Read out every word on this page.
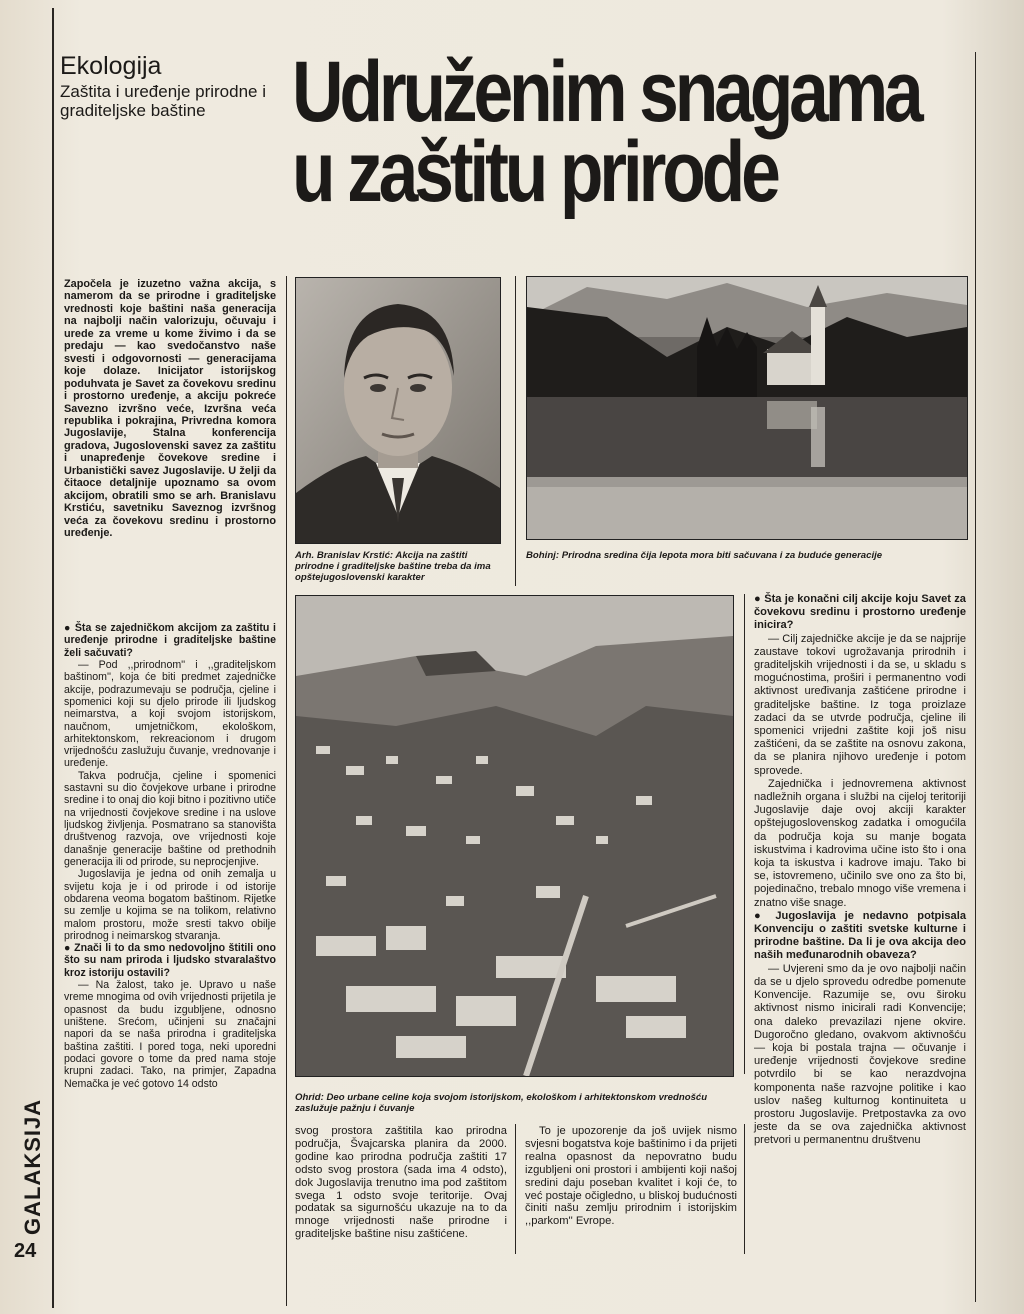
Ekologija
Zaštita i uređenje prirodne i graditeljske baštine	Udruženim snagama
u zaštitu prirode
Započela je izuzetno važna akcija, s namerom da se prirodne i graditeljske vrednosti koje baštini naša generacija na najbolji način valorizuju, očuvaju i urede za vreme u kome živimo i da se predaju — kao svedočanstvo naše svesti i odgovornosti — generacijama koje dolaze. Inicijator istorijskog poduhvata je Savet za čovekovu sredinu i prostorno uređenje, a akciju pokreće Savezno izvršno veće, Izvršna veća republika i pokrajina, Privredna komora Jugoslavije, Stalna konferencija gradova, Jugoslovenski savez za zaštitu i unapređenje čovekove sredine i Urbanistički savez Jugoslavije. U želji da čitaoce detaljnije upoznamo sa ovom akcijom, obratili smo se arh. Branislavu Krstiću, savetniku Saveznog izvršnog veća za čovekovu sredinu i prostorno uređenje.

● Šta se zajedničkom akcijom za zaštitu i uređenje prirodne i graditeljske baštine želi sačuvati?

— Pod ,,prirodnom'' i ,,graditeljskom baštinom'', koja će biti predmet zajedničke akcije, podrazumevaju se područja, cjeline i spomenici koji su djelo prirode ili ljudskog neimarstva, a koji svojom istorijskom, naučnom, umjetničkom, ekološkom, arhitektonskom, rekreacionom i drugom vrijednošću zaslužuju čuvanje, vrednovanje i uređenje.

Takva područja, cjeline i spomenici sastavni su dio čovjekove urbane i prirodne sredine i to onaj dio koji bitno i pozitivno utiče na vrijednosti čovjekove sredine i na uslove ljudskog življenja. Posmatrano sa stanovišta društvenog razvoja, ove vrijednosti koje današnje generacije baštine od prethodnih generacija ili od prirode, su neprocjenjive.

Jugoslavija je jedna od onih zemalja u svijetu koja je i od prirode i od istorije obdarena veoma bogatom baštinom. Rijetke su zemlje u kojima se na tolikom, relativno malom prostoru, može sresti takvo obilje prirodnog i neimarskog stvaranja.

● Znači li to da smo nedovoljno štitili ono što su nam priroda i ljudsko stvaralaštvo kroz istoriju ostavili?

— Na žalost, tako je. Upravo u naše vreme mnogima od ovih vrijednosti prijetila je opasnost da budu izgubljene, odnosno uništene. Srećom, učinjeni su značajni napori da se naša prirodna i graditeljska baština zaštiti. I pored toga, neki uporedni podaci govore o tome da pred nama stoje krupni zadaci. Tako, na primjer, Zapadna Nemačka je već gotovo 14 odsto

Arh. Branislav Krstić: Akcija na zaštiti prirodne i graditeljske baštine treba da ima opštejugoslovenski karakter
Bohinj: Prirodna sredina čija lepota mora biti sačuvana i za buduće generacije

● Šta je konačni cilj akcije koju Savet za čovekovu sredinu i prostorno uređenje inicira?

— Cilj zajedničke akcije je da se najprije zaustave tokovi ugrožavanja prirodnih i graditeljskih vrijednosti i da se, u skladu s mogućnostima, proširi i permanentno vodi aktivnost uređivanja zaštićene prirodne i graditeljske baštine. Iz toga proizlaze zadaci da se utvrde područja, cjeline ili spomenici vrijedni zaštite koji još nisu zaštićeni, da se zaštite na osnovu zakona, da se planira njihovo uređenje i potom sprovede.

Zajednička i jednovremena aktivnost nadležnih organa i službi na cijeloj teritoriji Jugoslavije daje ovoj akciji karakter opštejugoslovenskog zadatka i omogućila da područja koja su manje bogata iskustvima i kadrovima učine isto što i ona koja ta iskustva i kadrove imaju. Tako bi se, istovremeno, učinilo sve ono za što bi, pojedinačno, trebalo mnogo više vremena i znatno više snage.

● Jugoslavija je nedavno potpisala Konvenciju o zaštiti svetske kulturne i prirodne baštine. Da li je ova akcija deo naših međunarodnih obaveza?

— Uvjereni smo da je ovo najbolji način da se u djelo sprovedu odredbe pomenute Konvencije. Razumije se, ovu široku aktivnost nismo inicirali radi Konvencije; ona daleko prevazilazi njene okvire. Dugoročno gledano, ovakvom aktivnošću — koja bi postala trajna — očuvanje i uređenje vrijednosti čovjekove sredine potvrdilo bi se kao nerazdvojna komponenta naše razvojne politike i kao uslov našeg kulturnog kontinuiteta u prostoru Jugoslavije. Pretpostavka za ovo jeste da se ova zajednička aktivnost pretvori u permanentnu društvenu

Ohrid: Deo urbane celine koja svojom istorijskom, ekološkom i arhitektonskom vrednošću zaslužuje pažnju i čuvanje
svog prostora zaštitila kao prirodna područja, Švajcarska planira da 2000. godine kao prirodna područja zaštiti 17 odsto svog prostora (sada ima 4 odsto), dok Jugoslavija trenutno ima pod zaštitom svega 1 odsto svoje teritorije. Ovaj podatak sa sigurnošću ukazuje na to da mnoge vrijednosti naše prirodne i graditeljske baštine nisu zaštićene.

To je upozorenje da još uvijek nismo svjesni bogatstva koje baštinimo i da prijeti realna opasnost da nepovratno budu izgubljeni oni prostori i ambijenti koji našoj sredini daju poseban kvalitet i koji će, to već postaje očigledno, u bliskoj budućnosti činiti našu zemlju prirodnim i istorijskim ,,parkom'' Evrope.

GALAKSIJA
24
